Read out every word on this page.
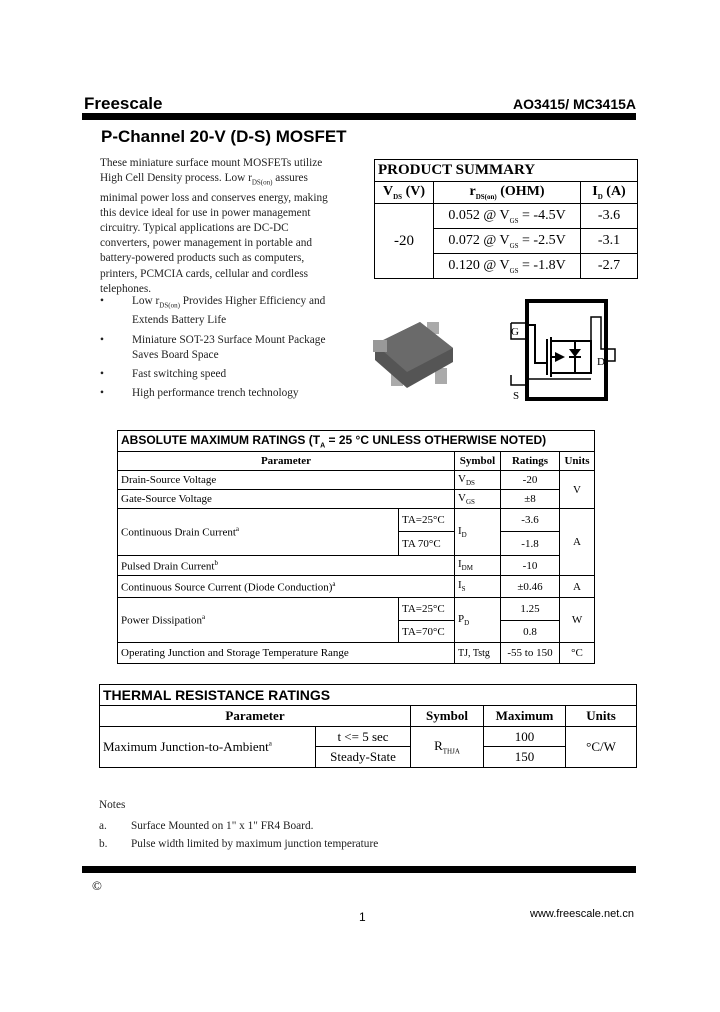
Freescale	AO3415/ MC3415A
P-Channel 20-V (D-S) MOSFET
These miniature surface mount MOSFETs utilize
High Cell Density process. Low $r_{DS(on)}$ assures
minimal power loss and conserves energy, making
this device ideal for use in power management
circuitry. Typical applications are DC-DC
converters, power management in portable and
battery-powered products such as computers,
printers, PCMCIA cards, cellular and cordless
telephones.
• Low $r_{DS(on)}$ Provides Higher Efficiency and
Extends Battery Life
• Miniature SOT-23 Surface Mount Package
Saves Board Space
• Fast switching speed
• High performance trench technology
PRODUCT SUMMARY		
$V_{DS}$ (V)	$r_{DS(on)}$ (OHM)	$I_D$ (A)
-20	0.052 @ $V_{GS} = -4.5V$	-3.6
	0.072 @ $V_{GS} = -2.5V$	-3.1
	0.120 @ $V_{GS} = -1.8V$	-2.7
G
D
S
ABSOLUTE MAXIMUM RATINGS ($T_A = 25$ °C UNLESS OTHERWISE NOTED)				
Parameter		Symbol	Ratings	Units
Drain-Source Voltage		$V_{DS}$	-20	V
Gate-Source Voltage		$V_{GS}$	±8	
Continuous Drain Current$^a$	TA=25°C	$I_D$	-3.6	A
	TA 70°C		-1.8	
Pulsed Drain Current$^b$		$I_{DM}$	-10	
Continuous Source Current (Diode Conduction)$^a$		$I_S$	±0.46	A
Power Dissipation$^a$	TA=25°C	$P_D$	1.25	W
	TA=70°C		0.8	
Operating Junction and Storage Temperature Range		TJ, Tstg	-55 to 150	°C
THERMAL RESISTANCE RATINGS				
Parameter		Symbol	Maximum	Units
Maximum Junction-to-Ambient$^a$	t <= 5 sec	$R_{THJA}$	100	°C/W
	Steady-State		150	
Notes
a. Surface Mounted on 1" x 1" FR4 Board.
b. Pulse width limited by maximum junction temperature
©
1	www.freescale.net.cn
